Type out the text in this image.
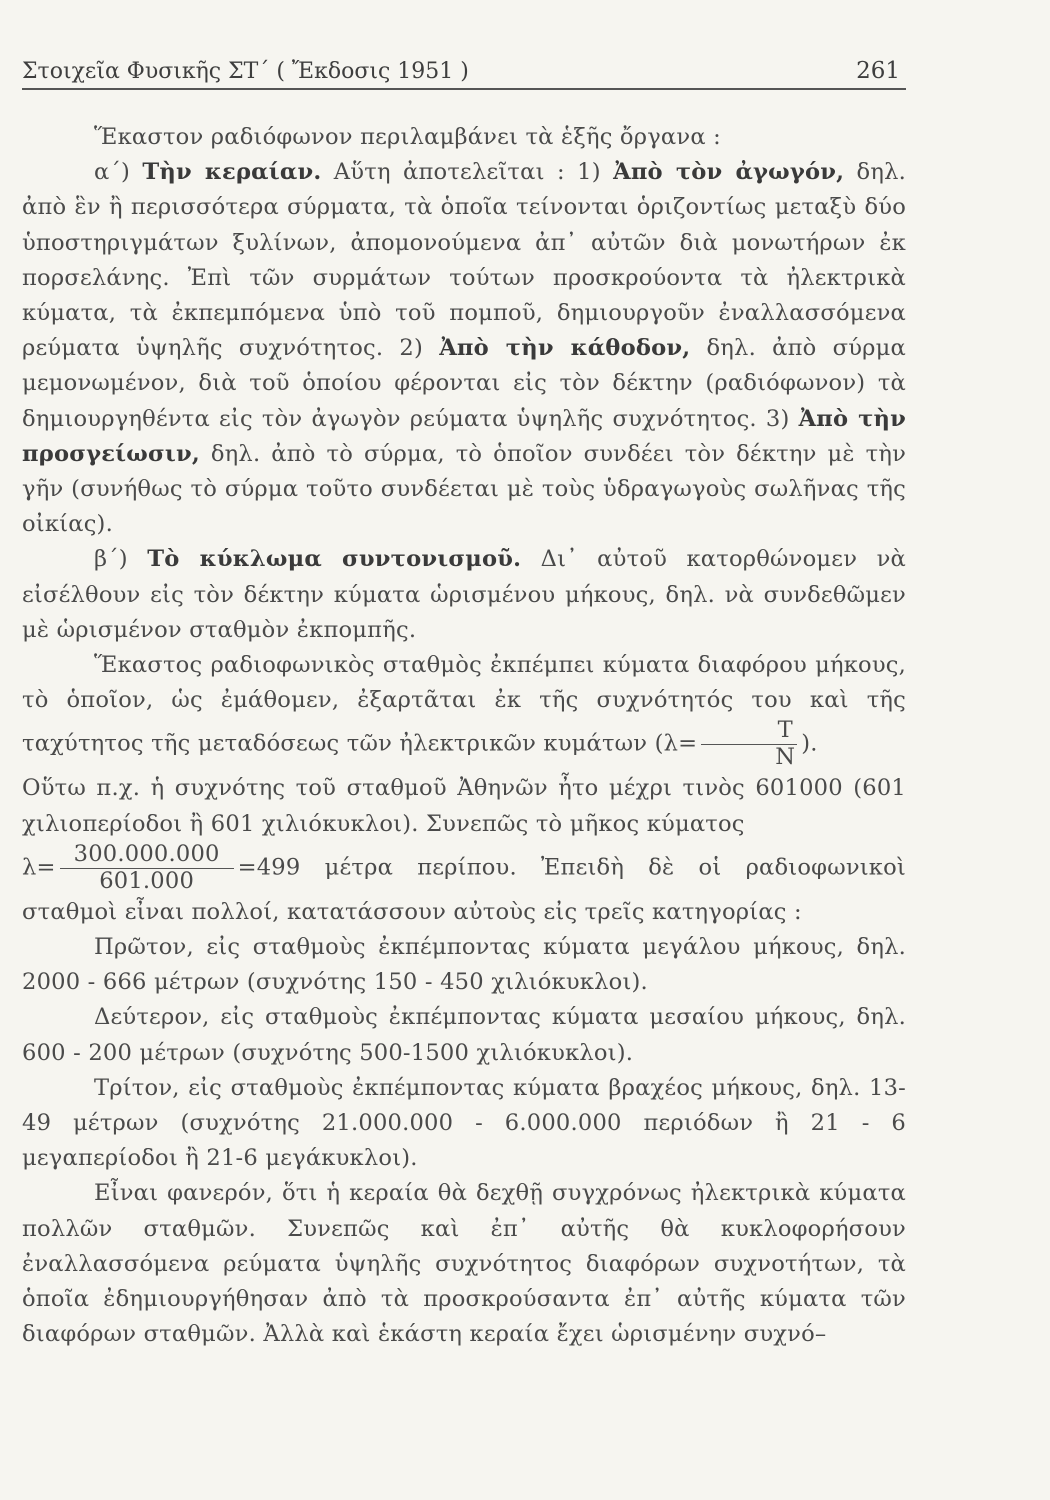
Στοιχεῖα Φυσικῆς ΣΤ΄ ( Ἔκδοσις 1951 )	261

Ἕκαστον ραδιόφωνον περιλαμβάνει τὰ ἑξῆς ὄργανα :

α΄) Τὴν κεραίαν. Αὕτη ἀποτελεῖται : 1) Ἀπὸ τὸν ἀγωγόν, δηλ. ἀπὸ ἓν ἢ περισσότερα σύρματα, τὰ ὁποῖα τείνονται ὁριζοντίως μεταξὺ δύο ὑποστηριγμάτων ξυλίνων, ἀπομονούμενα ἀπ᾽ αὐτῶν διὰ μονωτήρων ἐκ πορσελάνης. Ἐπὶ τῶν συρμάτων τούτων προσκρούοντα τὰ ἠλεκτρικὰ κύματα, τὰ ἐκπεμπόμενα ὑπὸ τοῦ πομποῦ, δημιουργοῦν ἐναλλασσόμενα ρεύματα ὑψηλῆς συχνότητος. 2) Ἀπὸ τὴν κάθοδον, δηλ. ἀπὸ σύρμα μεμονωμένον, διὰ τοῦ ὁποίου φέρονται εἰς τὸν δέκτην (ραδιόφωνον) τὰ δημιουργηθέντα εἰς τὸν ἀγωγὸν ρεύματα ὑψηλῆς συχνότητος. 3) Ἀπὸ τὴν προσγείωσιν, δηλ. ἀπὸ τὸ σύρμα, τὸ ὁποῖον συνδέει τὸν δέκτην μὲ τὴν γῆν (συνήθως τὸ σύρμα τοῦτο συνδέεται μὲ τοὺς ὑδραγωγοὺς σωλῆνας τῆς οἰκίας).

β΄) Τὸ κύκλωμα συντονισμοῦ. Δι᾽ αὐτοῦ κατορθώνομεν νὰ εἰσέλθουν εἰς τὸν δέκτην κύματα ὡρισμένου μήκους, δηλ. νὰ συνδεθῶμεν μὲ ὡρισμένον σταθμὸν ἐκπομπῆς.

Ἕκαστος ραδιοφωνικὸς σταθμὸς ἐκπέμπει κύματα διαφόρου μήκους, τὸ ὁποῖον, ὡς ἐμάθομεν, ἐξαρτᾶται ἐκ τῆς συχνότητός του καὶ τῆς ταχύτητος τῆς μεταδόσεως τῶν ἠλεκτρικῶν κυμάτων ($\lambda= \frac{T}{N}$ ).

Οὕτω π.χ. ἡ συχνότης τοῦ σταθμοῦ Ἀθηνῶν ἦτο μέχρι τινὸς 601000 (601 χιλιοπερίοδοι ἢ 601 χιλιόκυκλοι). Συνεπῶς τὸ μῆκος κύματος

$\lambda= \frac{300.000.000}{601.000} =499$ μέτρα περίπου. Ἐπειδὴ δὲ οἱ ραδιοφωνικοὶ σταθμοὶ εἶναι πολλοί, κατατάσσουν αὐτοὺς εἰς τρεῖς κατηγορίας :

Πρῶτον, εἰς σταθμοὺς ἐκπέμποντας κύματα μεγάλου μήκους, δηλ. 2000 - 666 μέτρων (συχνότης 150 - 450 χιλιόκυκλοι).

Δεύτερον, εἰς σταθμοὺς ἐκπέμποντας κύματα μεσαίου μήκους, δηλ. 600 - 200 μέτρων (συχνότης 500-1500 χιλιόκυκλοι).

Τρίτον, εἰς σταθμοὺς ἐκπέμποντας κύματα βραχέος μήκους, δηλ. 13-49 μέτρων (συχνότης 21.000.000 - 6.000.000 περιόδων ἢ 21 - 6 μεγαπερίοδοι ἢ 21-6 μεγάκυκλοι).

Εἶναι φανερόν, ὅτι ἡ κεραία θὰ δεχθῇ συγχρόνως ἠλεκτρικὰ κύματα πολλῶν σταθμῶν. Συνεπῶς καὶ ἐπ᾽ αὐτῆς θὰ κυκλοφορήσουν ἐναλλασσόμενα ρεύματα ὑψηλῆς συχνότητος διαφόρων συχνοτήτων, τὰ ὁποῖα ἐδημιουργήθησαν ἀπὸ τὰ προσκρούσαντα ἐπ᾽ αὐτῆς κύματα τῶν διαφόρων σταθμῶν. Ἀλλὰ καὶ ἑκάστη κεραία ἔχει ὡρισμένην συχνό–
